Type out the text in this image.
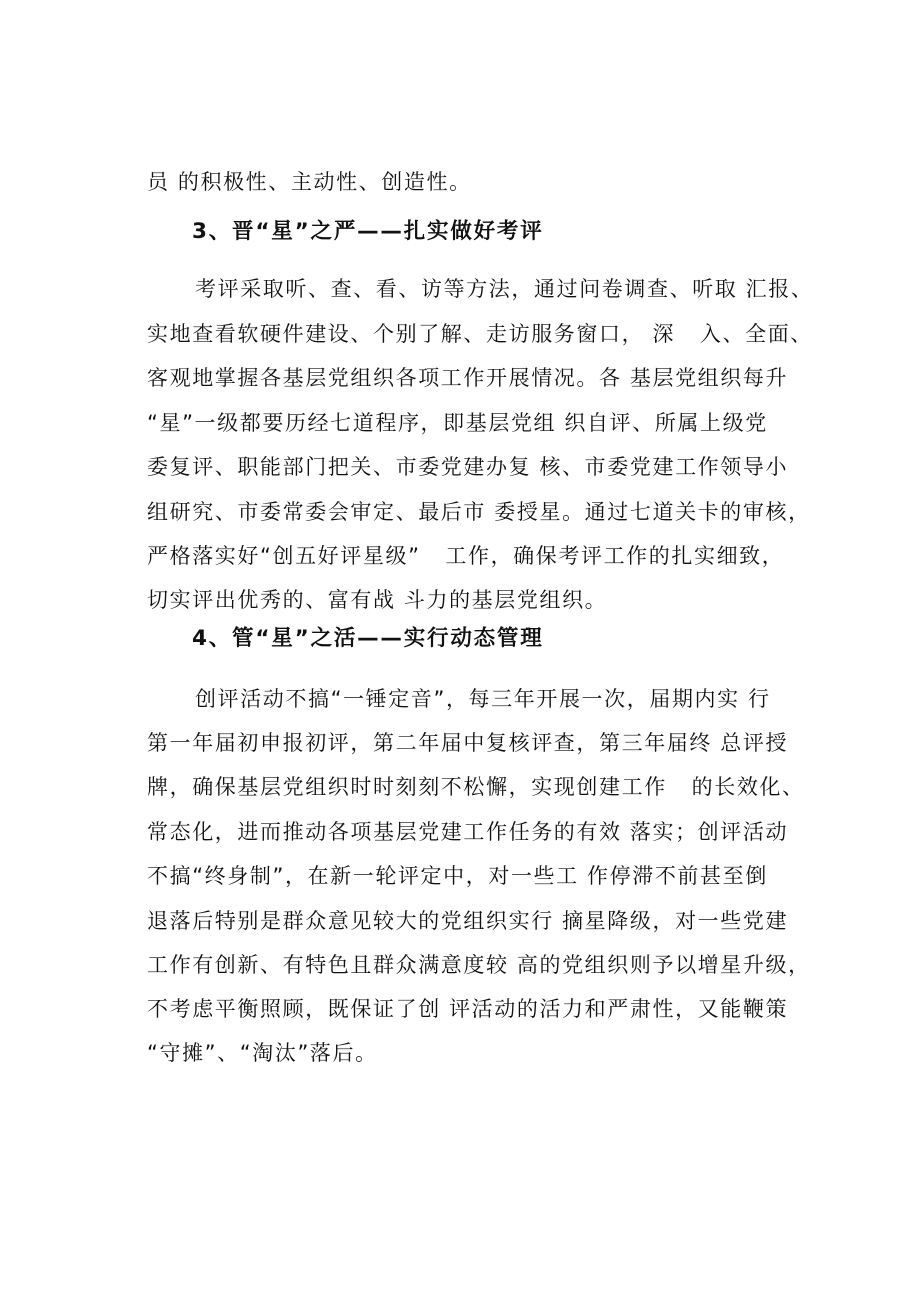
员 的积极性、主动性、创造性。
3、晋“星”之严——扎实做好考评
考评采取听、查、看、访等方法，通过问卷调查、听取 汇报、
实地查看软硬件建设、个别了解、走访服务窗口， 深   入、全面、
客观地掌握各基层党组织各项工作开展情况。各 基层党组织每升
“星”一级都要历经七道程序，即基层党组 织自评、所属上级党
委复评、职能部门把关、市委党建办复 核、市委党建工作领导小
组研究、市委常委会审定、最后市 委授星。通过七道关卡的审核，
严格落实好“创五好评星级”   工作，确保考评工作的扎实细致，
切实评出优秀的、富有战 斗力的基层党组织。
4、管“星”之活——实行动态管理
创评活动不搞“一锤定音”，每三年开展一次，届期内实 行
第一年届初申报初评，第二年届中复核评查，第三年届终 总评授
牌，确保基层党组织时时刻刻不松懈，实现创建工作   的长效化、
常态化，进而推动各项基层党建工作任务的有效 落实；创评活动
不搞“终身制”，在新一轮评定中，对一些工 作停滞不前甚至倒
退落后特别是群众意见较大的党组织实行 摘星降级，对一些党建
工作有创新、有特色且群众满意度较 高的党组织则予以增星升级，
不考虑平衡照顾，既保证了创 评活动的活力和严肃性，又能鞭策
“守摊”、“淘汰”落后。
